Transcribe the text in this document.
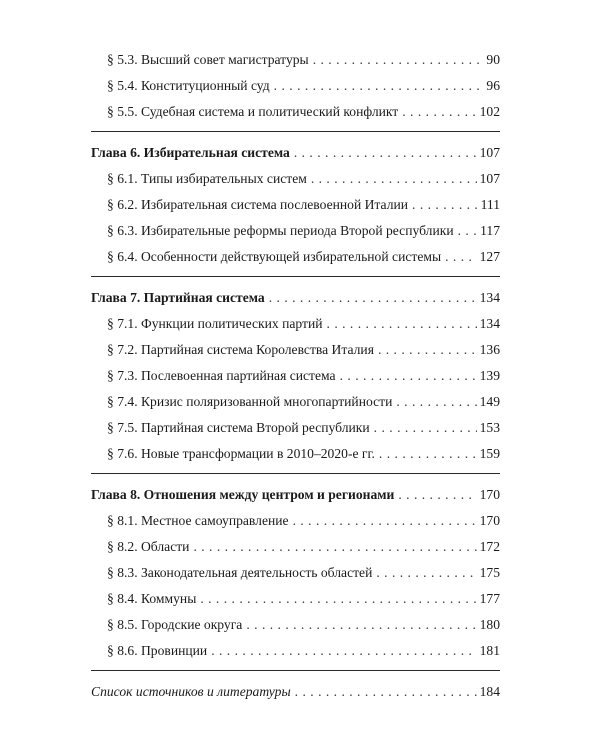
§ 5.3. Высший совет магистратуры . . .	90
§ 5.4. Конституционный суд . . .	96
§ 5.5. Судебная система и политический конфликт . . .	102
Глава 6. Избирательная система . . .	107
§ 6.1. Типы избирательных систем . . .	107
§ 6.2. Избирательная система послевоенной Италии . . .	111
§ 6.3. Избирательные реформы периода Второй республики . . . 117
§ 6.4. Особенности действующей избирательной системы . . .	127
Глава 7. Партийная система . . .	134
§ 7.1. Функции политических партий . . .	134
§ 7.2. Партийная система Королевства Италия . . .	136
§ 7.3. Послевоенная партийная система . . .	139
§ 7.4. Кризис поляризованной многопартийности . . .	149
§ 7.5. Партийная система Второй республики . . .	153
§ 7.6. Новые трансформации в 2010–2020-е гг. . . .	159
Глава 8. Отношения между центром и регионами . . .	170
§ 8.1. Местное самоуправление . . .	170
§ 8.2. Области . . .	172
§ 8.3. Законодательная деятельность областей . . .	175
§ 8.4. Коммуны . . .	177
§ 8.5. Городские округа . . .	180
§ 8.6. Провинции . . .	181
Список источников и литературы . . .	184
